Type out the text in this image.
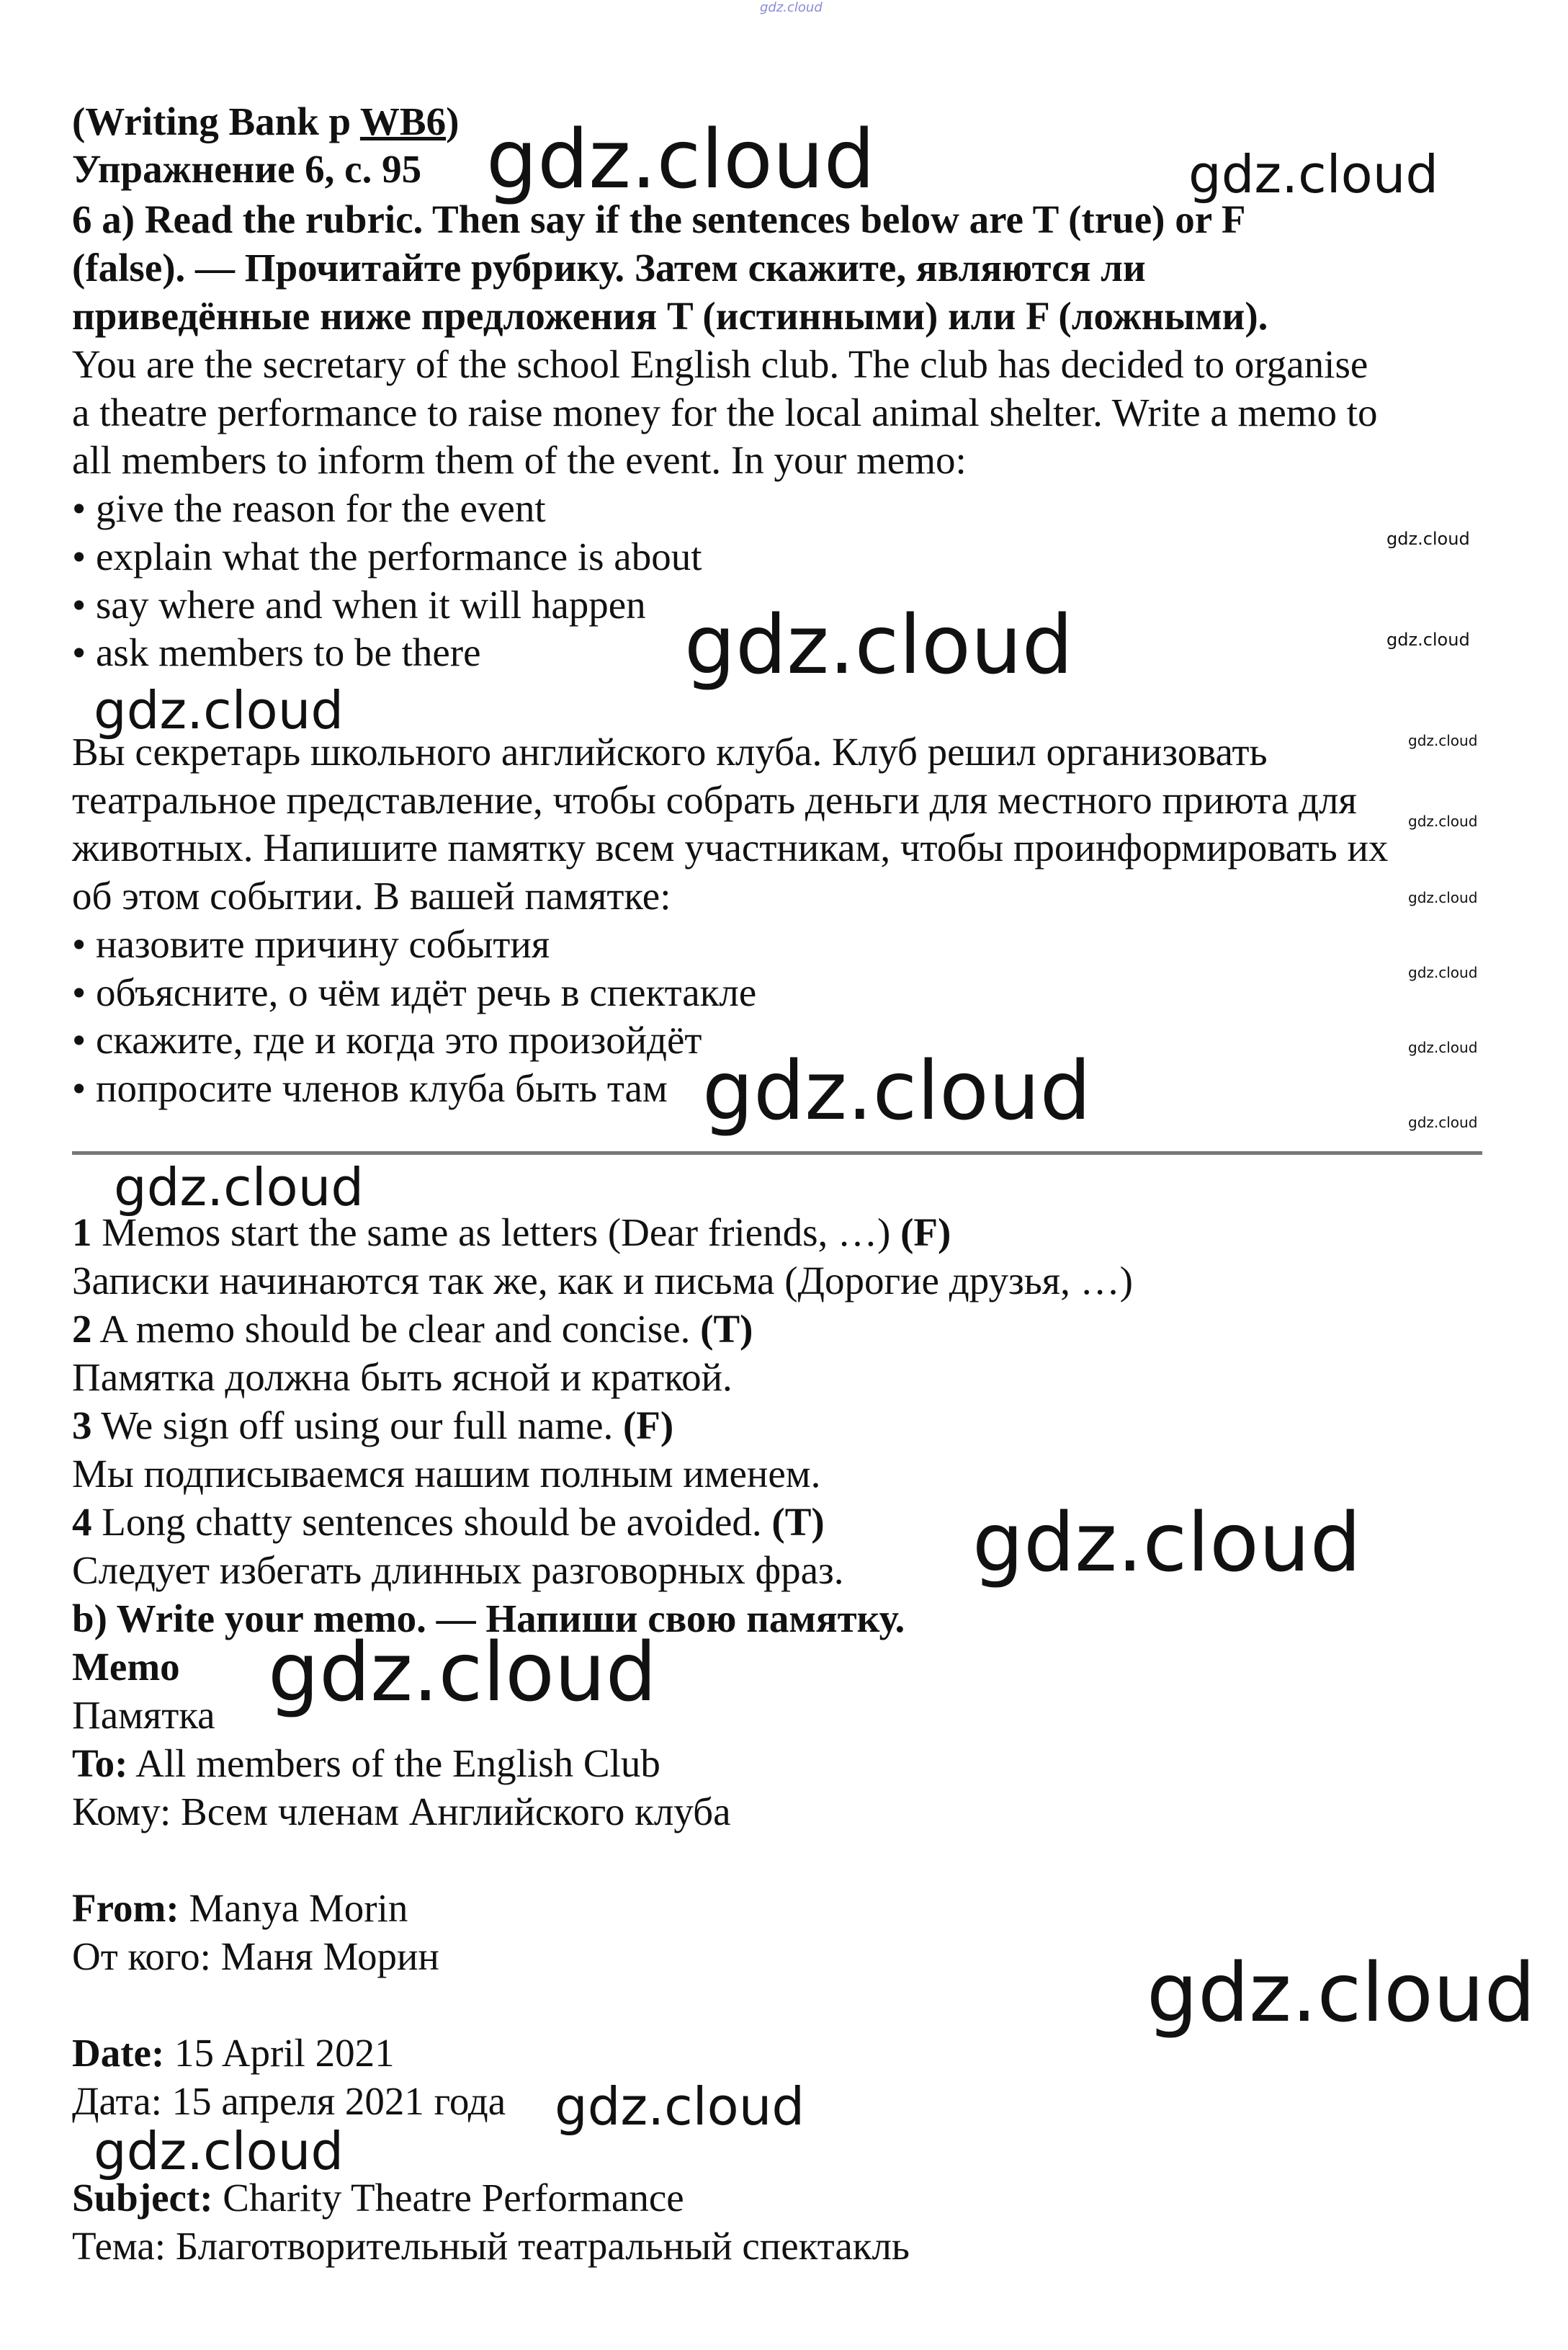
(Writing Bank p WB6)
Упражнение 6, с. 95
6 a) Read the rubric. Then say if the sentences below are T (true) or F
(false). — Прочитайте рубрику. Затем скажите, являются ли
приведённые ниже предложения T (истинными) или F (ложными).
You are the secretary of the school English club. The club has decided to organise
a theatre performance to raise money for the local animal shelter. Write a memo to
all members to inform them of the event. In your memo:
• give the reason for the event
• explain what the performance is about
• say where and when it will happen
• ask members to be there
Вы секретарь школьного английского клуба. Клуб решил организовать
театральное представление, чтобы собрать деньги для местного приюта для
животных. Напишите памятку всем участникам, чтобы проинформировать их
об этом событии. В вашей памятке:
• назовите причину события
• объясните, о чём идёт речь в спектакле
• скажите, где и когда это произойдёт
• попросите членов клуба быть там
1 Memos start the same as letters (Dear friends, …) (F)
Записки начинаются так же, как и письма (Дорогие друзья, …)
2 A memo should be clear and concise. (T)
Памятка должна быть ясной и краткой.
3 We sign off using our full name. (F)
Мы подписываемся нашим полным именем.
4 Long chatty sentences should be avoided. (T)
Следует избегать длинных разговорных фраз.
b) Write your memo. — Напиши свою памятку.
Memo
Памятка
To: All members of the English Club
Кому: Всем членам Английского клуба
From: Manya Morin
От кого: Маня Морин
Date: 15 April 2021
Дата: 15 апреля 2021 года
Subject: Charity Theatre Performance
Тема: Благотворительный театральный спектакль
gdz.cloud
gdz.cloud	gdz.cloud
gdz.cloud
gdz.cloud
gdz.cloud
gdz.cloud	gdz.cloud
gdz.cloud
gdz.cloud
gdz.cloud
gdz.cloud
gdz.cloud
gdz.cloud
gdz.cloud
gdz.cloud
gdz.cloud
gdz.cloud
gdz.cloud
gdz.cloud
